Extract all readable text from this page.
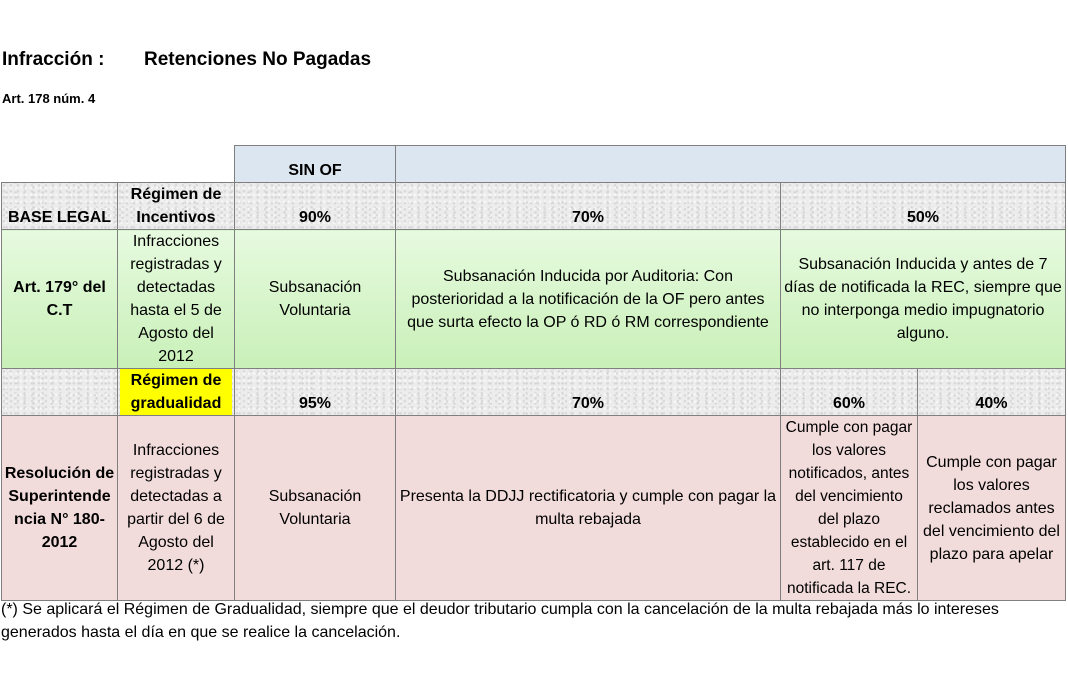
Infracción : Retenciones No Pagadas
Art. 178 núm. 4
		SIN OF			
BASE LEGAL	Régimen de Incentivos	90%	70%	50%	
Art. 179° del C.T	Infracciones registradas y detectadas hasta el 5 de Agosto del 2012	Subsanación Voluntaria	Subsanación Inducida por Auditoria: Con posterioridad a la notificación de la OF pero antes que surta efecto la OP ó RD ó RM correspondiente	Subsanación Inducida y antes de 7 días de notificada la REC, siempre que no interponga medio impugnatorio alguno.	
	Régimen de gradualidad	95%	70%	60%	40%
Resolución de Superintende ncia N° 180-2012	Infracciones registradas y detectadas a partir del 6 de Agosto del 2012 (*)	Subsanación Voluntaria	Presenta la DDJJ rectificatoria y cumple con pagar la multa rebajada	Cumple con pagar los valores notificados, antes del vencimiento del plazo establecido en el art. 117 de notificada la REC.	Cumple con pagar los valores reclamados antes del vencimiento del plazo para apelar
(*) Se aplicará el Régimen de Gradualidad, siempre que el deudor tributario cumpla con la cancelación de la multa rebajada más lo intereses generados hasta el día en que se realice la cancelación.
